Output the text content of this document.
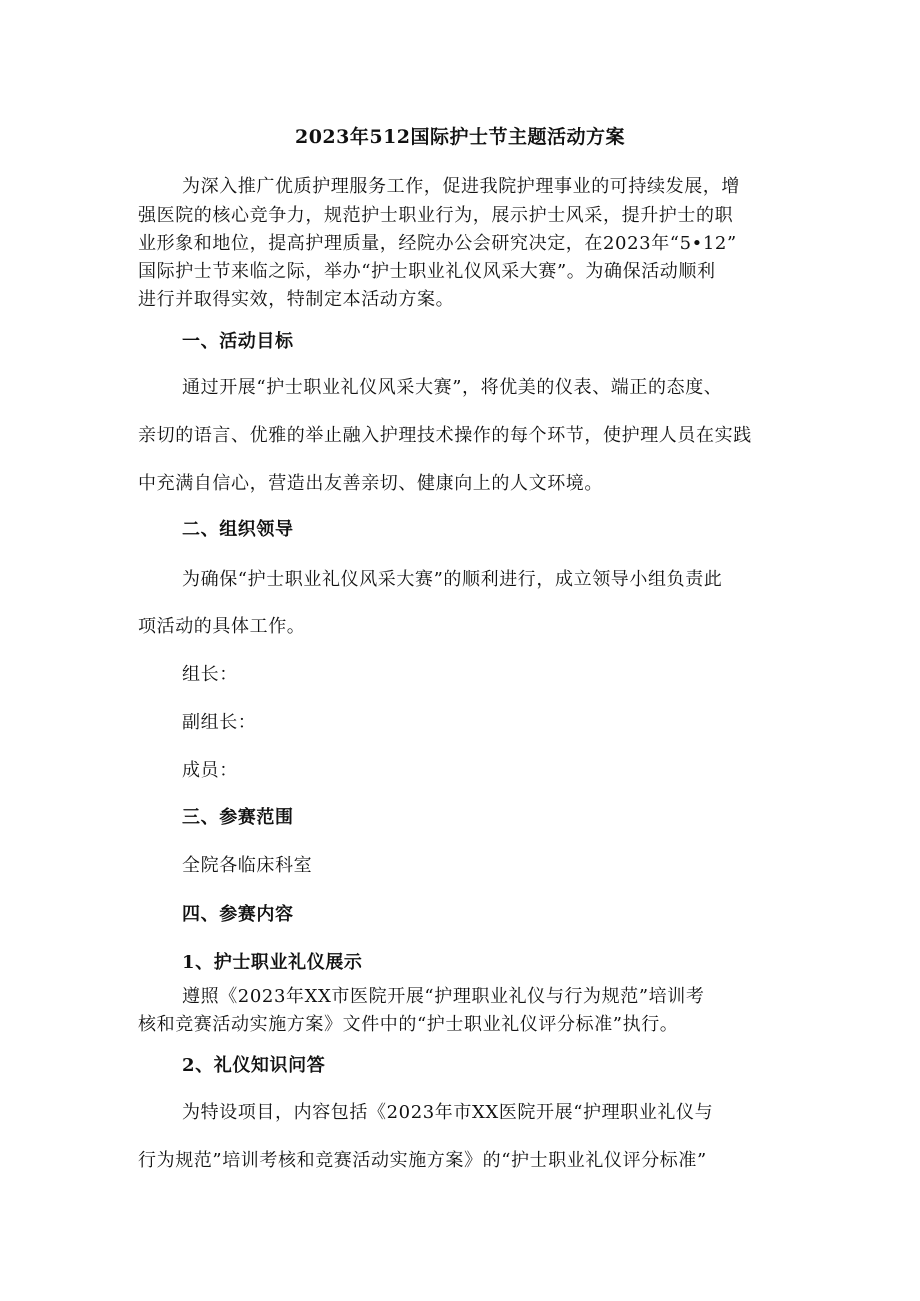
2023年512国际护士节主题活动方案
为深入推广优质护理服务工作，促进我院护理事业的可持续发展，增
强医院的核心竞争力，规范护士职业行为，展示护士风采，提升护士的职
业形象和地位，提高护理质量，经院办公会研究决定，在2023年“5•12”
国际护士节来临之际，举办“护士职业礼仪风采大赛”。为确保活动顺利
进行并取得实效，特制定本活动方案。
一、活动目标
通过开展“护士职业礼仪风采大赛”，将优美的仪表、端正的态度、
亲切的语言、优雅的举止融入护理技术操作的每个环节，使护理人员在实践
中充满自信心，营造出友善亲切、健康向上的人文环境。
二、组织领导
为确保“护士职业礼仪风采大赛”的顺利进行，成立领导小组负责此
项活动的具体工作。
组长：
副组长：
成员：
三、参赛范围
全院各临床科室
四、参赛内容
1、护士职业礼仪展示
遵照《2023年XX市医院开展“护理职业礼仪与行为规范”培训考
核和竞赛活动实施方案》文件中的“护士职业礼仪评分标准”执行。
2、礼仪知识问答
为特设项目，内容包括《2023年市XX医院开展“护理职业礼仪与
行为规范”培训考核和竞赛活动实施方案》的“护士职业礼仪评分标准”
